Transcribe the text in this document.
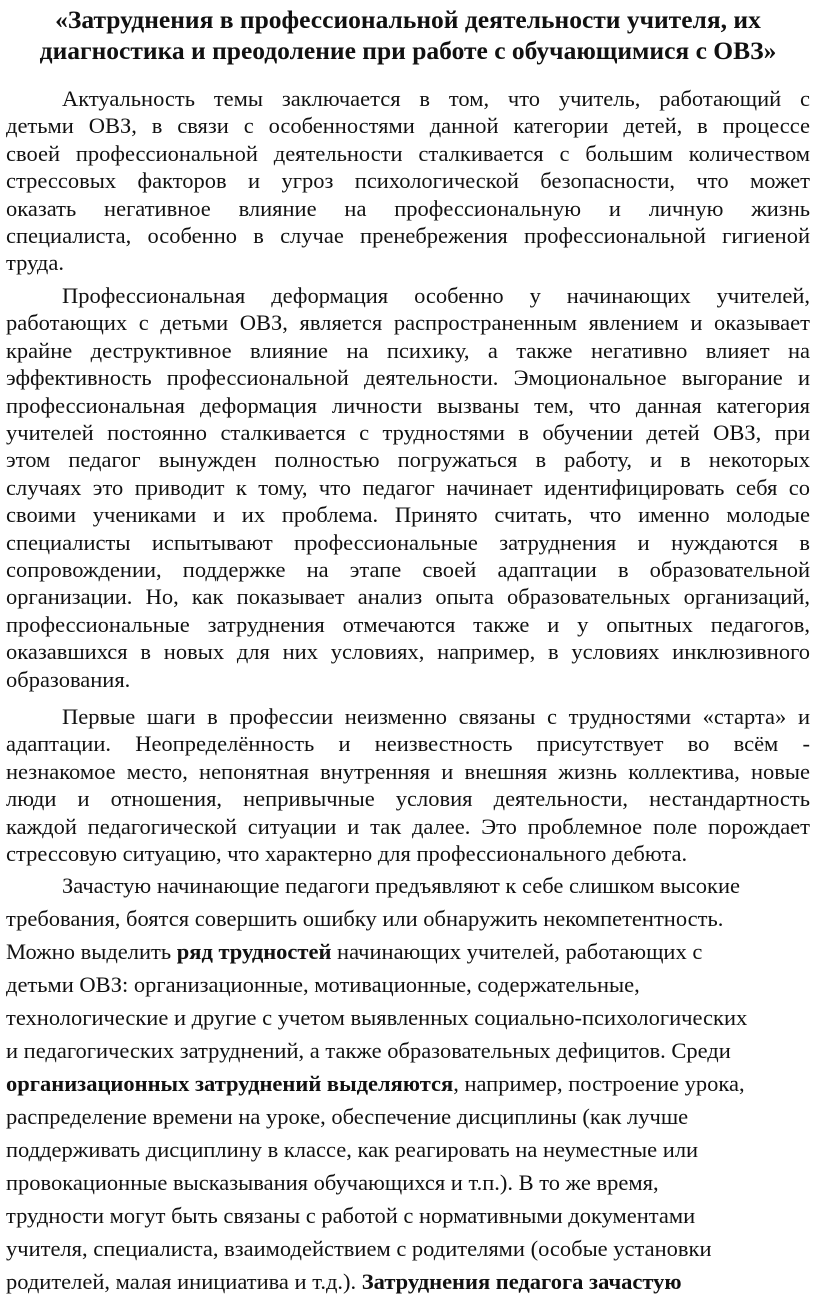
«Затруднения в профессиональной деятельности учителя, их
диагностика и преодоление при работе с обучающимися с ОВЗ»

Актуальность темы заключается в том, что учитель, работающий с
детьми ОВЗ, в связи с особенностями данной категории детей, в процессе
своей профессиональной деятельности сталкивается с большим количеством
стрессовых факторов и угроз психологической безопасности, что может
оказать негативное влияние на профессиональную и личную жизнь
специалиста, особенно в случае пренебрежения профессиональной гигиеной
труда.

Профессиональная деформация особенно у начинающих учителей,
работающих с детьми ОВЗ, является распространенным явлением и оказывает
крайне деструктивное влияние на психику, а также негативно влияет на
эффективность профессиональной деятельности. Эмоциональное выгорание и
профессиональная деформация личности вызваны тем, что данная категория
учителей постоянно сталкивается с трудностями в обучении детей ОВЗ, при
этом педагог вынужден полностью погружаться в работу, и в некоторых
случаях это приводит к тому, что педагог начинает идентифицировать себя со
своими учениками и их проблема. Принято считать, что именно молодые
специалисты испытывают профессиональные затруднения и нуждаются в
сопровождении, поддержке на этапе своей адаптации в образовательной
организации. Но, как показывает анализ опыта образовательных организаций,
профессиональные затруднения отмечаются также и у опытных педагогов,
оказавшихся в новых для них условиях, например, в условиях инклюзивного
образования.

Первые шаги в профессии неизменно связаны с трудностями «старта» и
адаптации. Неопределённость и неизвестность присутствует во всём -
незнакомое место, непонятная внутренняя и внешняя жизнь коллектива, новые
люди и отношения, непривычные условия деятельности, нестандартность
каждой педагогической ситуации и так далее. Это проблемное поле порождает
стрессовую ситуацию, что характерно для профессионального дебюта.

Зачастую начинающие педагоги предъявляют к себе слишком высокие
требования, боятся совершить ошибку или обнаружить некомпетентность.
Можно выделить ряд трудностей начинающих учителей, работающих с
детьми ОВЗ: организационные, мотивационные, содержательные,
технологические и другие с учетом выявленных социально-психологических
и педагогических затруднений, а также образовательных дефицитов. Среди
организационных затруднений выделяются, например, построение урока,
распределение времени на уроке, обеспечение дисциплины (как лучше
поддерживать дисциплину в классе, как реагировать на неуместные или
провокационные высказывания обучающихся и т.п.). В то же время,
трудности могут быть связаны с работой с нормативными документами
учителя, специалиста, взаимодействием с родителями (особые установки
родителей, малая инициатива и т.д.). Затруднения педагога зачастую
